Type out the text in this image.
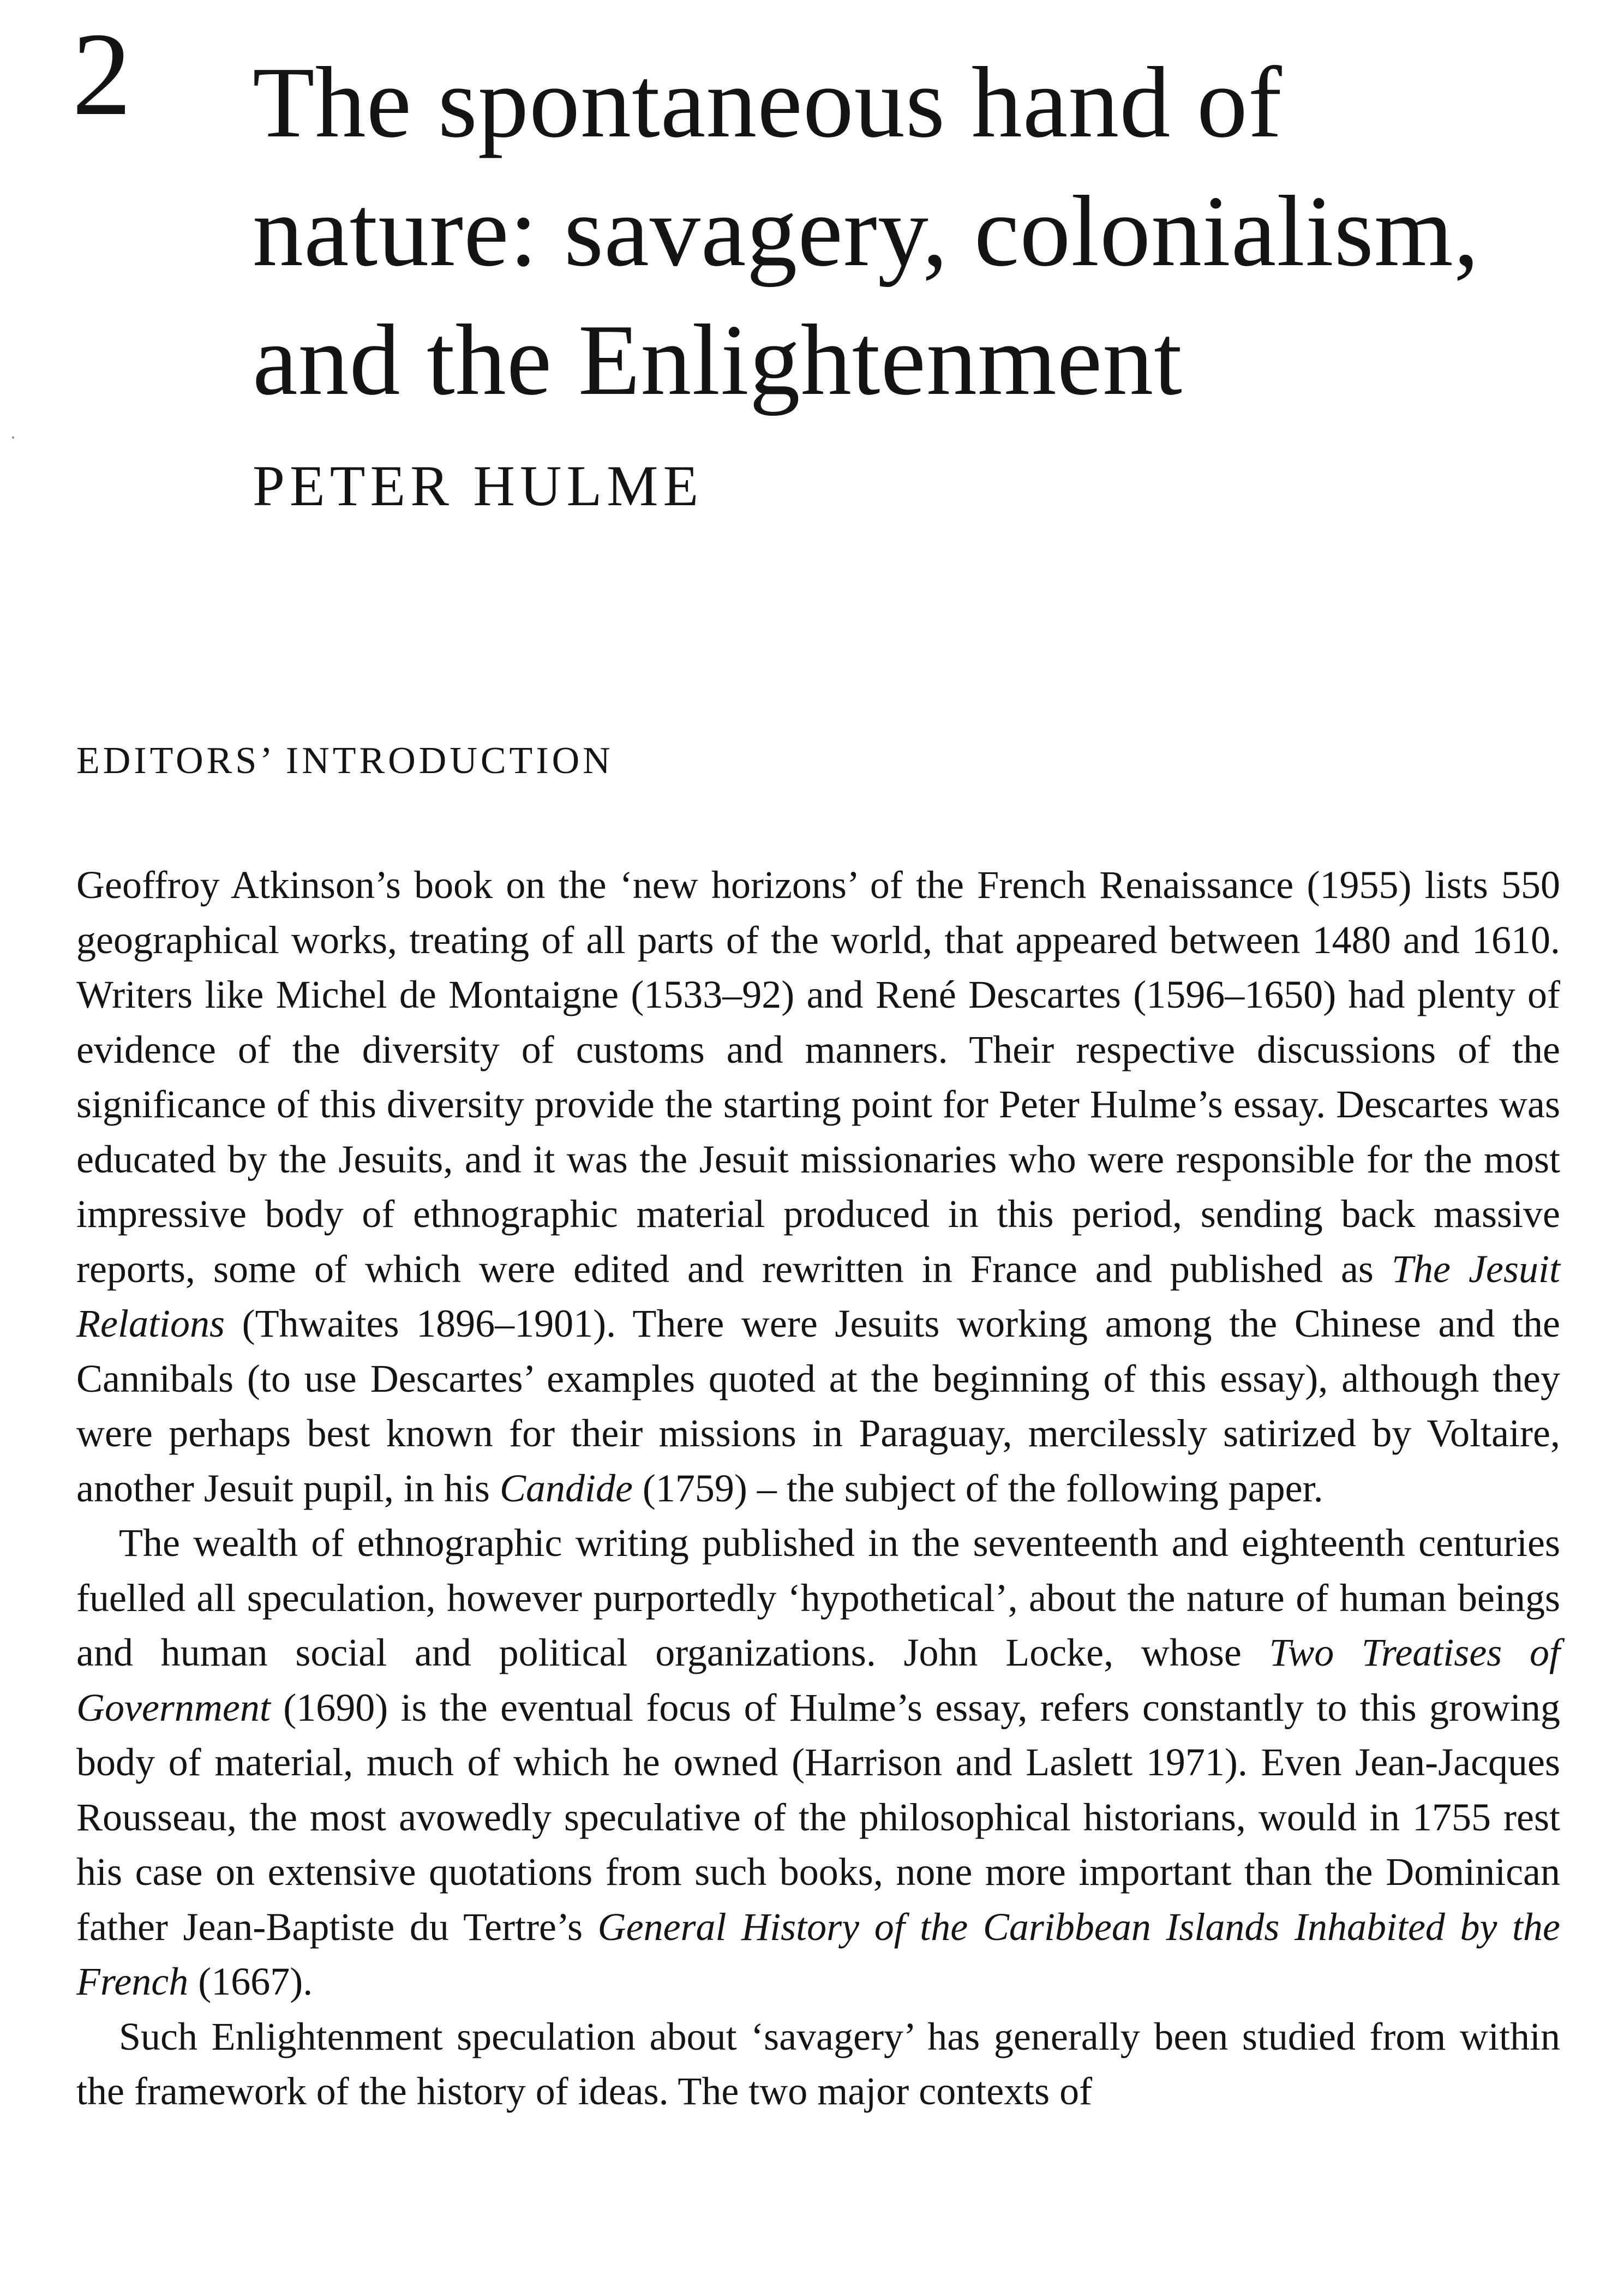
2 The spontaneous hand of
nature: savagery, colonialism,
and the Enlightenment
PETER HULME
EDITORS’ INTRODUCTION

Geoffroy Atkinson’s book on the ‘new horizons’ of the French Renaissance (1955) lists 550 geographical works, treating of all parts of the world, that appeared between 1480 and 1610. Writers like Michel de Montaigne (1533–92) and René Descartes (1596–1650) had plenty of evidence of the diversity of customs and manners. Their respective discussions of the significance of this diversity provide the starting point for Peter Hulme’s essay. Descartes was educated by the Jesuits, and it was the Jesuit missionaries who were responsible for the most impressive body of ethnographic material produced in this period, sending back massive reports, some of which were edited and rewritten in France and published as The Jesuit Relations (Thwaites 1896–1901). There were Jesuits working among the Chinese and the Cannibals (to use Descartes’ examples quoted at the beginning of this essay), although they were perhaps best known for their missions in Paraguay, mercilessly satirized by Voltaire, another Jesuit pupil, in his Candide (1759) – the subject of the following paper.

The wealth of ethnographic writing published in the seventeenth and eighteenth centuries fuelled all speculation, however purportedly ‘hypothetical’, about the nature of human beings and human social and political organizations. John Locke, whose Two Treatises of Government (1690) is the eventual focus of Hulme’s essay, refers constantly to this growing body of material, much of which he owned (Harrison and Laslett 1971). Even Jean-Jacques Rousseau, the most avowedly speculative of the philosophical historians, would in 1755 rest his case on extensive quotations from such books, none more important than the Dominican father Jean-Baptiste du Tertre’s General History of the Caribbean Islands Inhabited by the French (1667).

Such Enlightenment speculation about ‘savagery’ has generally been studied from within the framework of the history of ideas. The two major contexts of
